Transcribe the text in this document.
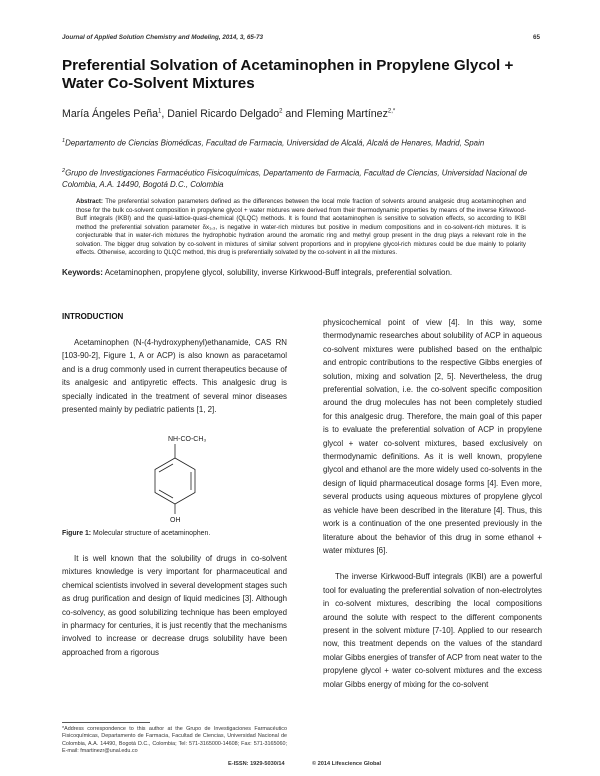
Journal of Applied Solution Chemistry and Modeling, 2014, 3, 65-73	65
Preferential Solvation of Acetaminophen in Propylene Glycol + Water Co-Solvent Mixtures
María Ángeles Peña$^1$, Daniel Ricardo Delgado$^2$ and Fleming Martínez$^{2,*}$
$^1$Departamento de Ciencias Biomédicas, Facultad de Farmacia, Universidad de Alcalá, Alcalá de Henares, Madrid, Spain
$^2$Grupo de Investigaciones Farmacéutico Fisicoquímicas, Departamento de Farmacia, Facultad de Ciencias, Universidad Nacional de Colombia, A.A. 14490, Bogotá D.C., Colombia
Abstract: The preferential solvation parameters defined as the differences between the local mole fraction of solvents around analgesic drug acetaminophen and those for the bulk co-solvent composition in propylene glycol + water mixtures were derived from their thermodynamic properties by means of the inverse Kirkwood-Buff integrals (IKBI) and the quasi-lattice-quasi-chemical (QLQC) methods. It is found that acetaminophen is sensitive to solvation effects, so according to IKBI method the preferential solvation parameter δx₁,₃, is negative in water-rich mixtures but positive in medium compositions and in co-solvent-rich mixtures. It is conjecturable that in water-rich mixtures the hydrophobic hydration around the aromatic ring and methyl group present in the drug plays a relevant role in the solvation. The bigger drug solvation by co-solvent in mixtures of similar solvent proportions and in propylene glycol-rich mixtures could be due mainly to polarity effects. Otherwise, according to QLQC method, this drug is preferentially solvated by the co-solvent in all the mixtures.
Keywords: Acetaminophen, propylene glycol, solubility, inverse Kirkwood-Buff integrals, preferential solvation.
INTRODUCTION

Acetaminophen (N-(4-hydroxyphenyl)ethanamide, CAS RN [103-90-2], Figure 1, A or ACP) is also known as paracetamol and is a drug commonly used in current therapeutics because of its analgesic and antipyretic effects. This analgesic drug is specially indicated in the treatment of several minor diseases presented mainly by pediatric patients [1, 2].

NH-CO-CH₃
OH
Figure 1: Molecular structure of acetaminophen.

It is well known that the solubility of drugs in co-solvent mixtures knowledge is very important for pharmaceutical and chemical scientists involved in several development stages such as drug purification and design of liquid medicines [3]. Although co-solvency, as good solubilizing technique has been employed in pharmacy for centuries, it is just recently that the mechanisms involved to increase or decrease drugs solubility have been approached from a rigorous

physicochemical point of view [4]. In this way, some thermodynamic researches about solubility of ACP in aqueous co-solvent mixtures were published based on the enthalpic and entropic contributions to the respective Gibbs energies of solution, mixing and solvation [2, 5]. Nevertheless, the drug preferential solvation, i.e. the co-solvent specific composition around the drug molecules has not been completely studied for this analgesic drug. Therefore, the main goal of this paper is to evaluate the preferential solvation of ACP in propylene glycol + water co-solvent mixtures, based exclusively on thermodynamic definitions. As it is well known, propylene glycol and ethanol are the more widely used co-solvents in the design of liquid pharmaceutical dosage forms [4]. Even more, several products using aqueous mixtures of propylene glycol as vehicle have been described in the literature [4]. Thus, this work is a continuation of the one presented previously in the literature about the behavior of this drug in some ethanol + water mixtures [6].

The inverse Kirkwood-Buff integrals (IKBI) are a powerful tool for evaluating the preferential solvation of non-electrolytes in co-solvent mixtures, describing the local compositions around the solute with respect to the different components present in the solvent mixture [7-10]. Applied to our research now, this treatment depends on the values of the standard molar Gibbs energies of transfer of ACP from neat water to the propylene glycol + water co-solvent mixtures and the excess molar Gibbs energy of mixing for the co-solvent

*Address correspondence to this author at the Grupo de Investigaciones Farmacéutico Fisicoquímicas, Departamento de Farmacia, Facultad de Ciencias, Universidad Nacional de Colombia, A.A. 14490, Bogotá D.C., Colombia; Tel: 571-3165000-14608; Fax: 571-3165060; E-mail: fmartinezr@unal.edu.co
E-ISSN: 1929-5030/14	© 2014 Lifescience Global
